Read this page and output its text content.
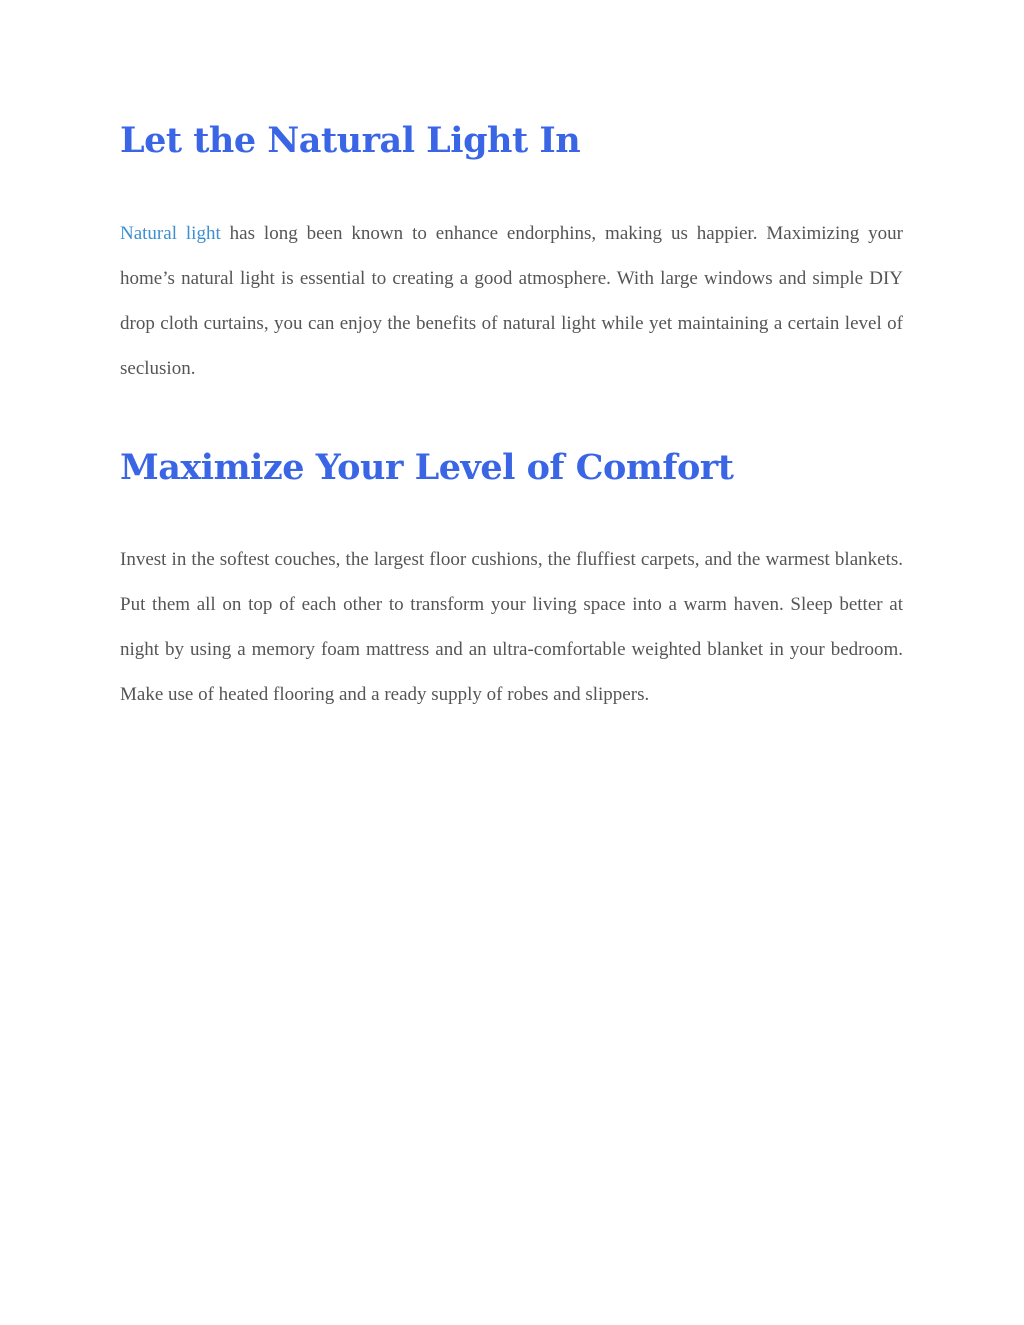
Let the Natural Light In

Natural light has long been known to enhance endorphins, making us happier. Maximizing your home’s natural light is essential to creating a good atmosphere. With large windows and simple DIY drop cloth curtains, you can enjoy the benefits of natural light while yet maintaining a certain level of seclusion.

Maximize Your Level of Comfort

Invest in the softest couches, the largest floor cushions, the fluffiest carpets, and the warmest blankets. Put them all on top of each other to transform your living space into a warm haven. Sleep better at night by using a memory foam mattress and an ultra-comfortable weighted blanket in your bedroom. Make use of heated flooring and a ready supply of robes and slippers.
